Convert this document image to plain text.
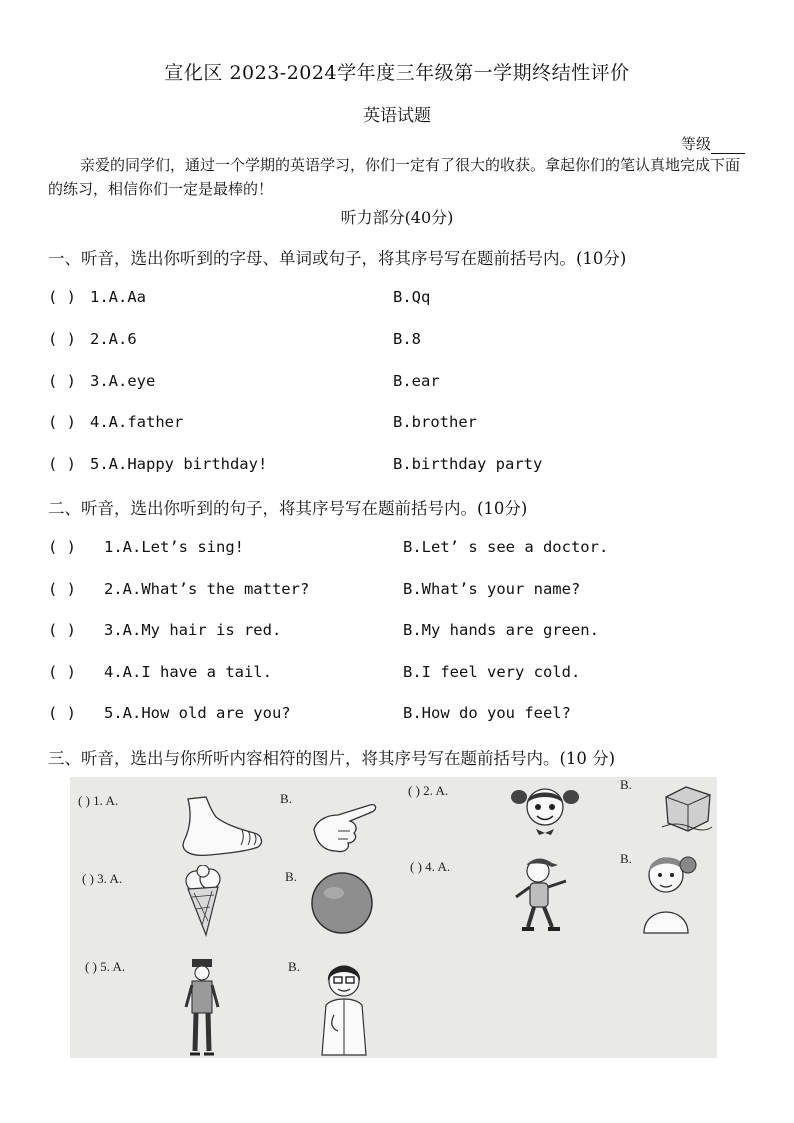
宣化区 2023-2024学年度三年级第一学期终结性评价
英语试题
等级
亲爱的同学们，通过一个学期的英语学习，你们一定有了很大的收获。拿起你们的笔认真地完成下面的练习，相信你们一定是最棒的！
听力部分(40分)
一、听音，选出你听到的字母、单词或句子，将其序号写在题前括号内。(10分)
( ) 1.A.Aa	B.Qq
( ) 2.A.6	B.8
( ) 3.A.eye	B.ear
( ) 4.A.father	B.brother
( ) 5.A.Happy birthday!	B.birthday party
二、听音，选出你听到的句子，将其序号写在题前括号内。(10分)
( ) 1.A.Let’s sing!	B.Let’ s see a doctor.
( ) 2.A.What’s the matter?	B.What’s your name?
( ) 3.A.My hair is red.	B.My hands are green.
( ) 4.A.I have a tail.	B.I feel very cold.
( ) 5.A.How old are you?	B.How do you feel?
三、听音，选出与你所听内容相符的图片，将其序号写在题前括号内。(10 分)
( ) 1. A.	B.
( ) 2. A.	B.
( ) 3. A.	B.
( ) 4. A.
B.
( ) 5. A.	B.
